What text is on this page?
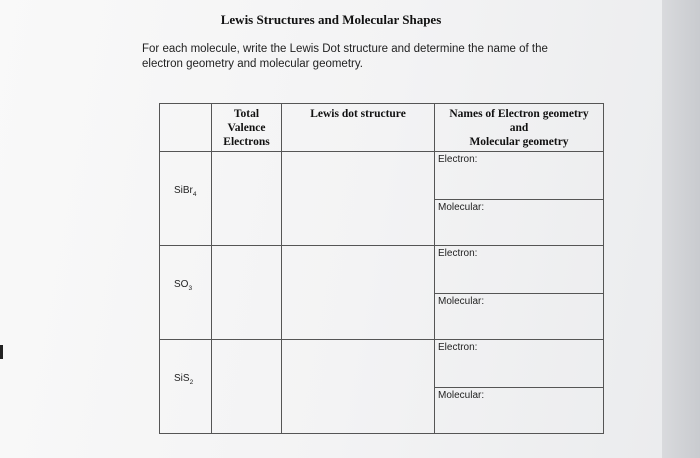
Lewis Structures and Molecular Shapes
For each molecule, write the Lewis Dot structure and determine the name of the
electron geometry and molecular geometry.

	Total
Valence
Electrons	Lewis dot structure	Names of Electron geometry
and
Molecular geometry

SiBr$_4$			Electron:
Molecular:

$SO_3$			Electron:
Molecular:

SiS$_2$			Electron:
Molecular:
